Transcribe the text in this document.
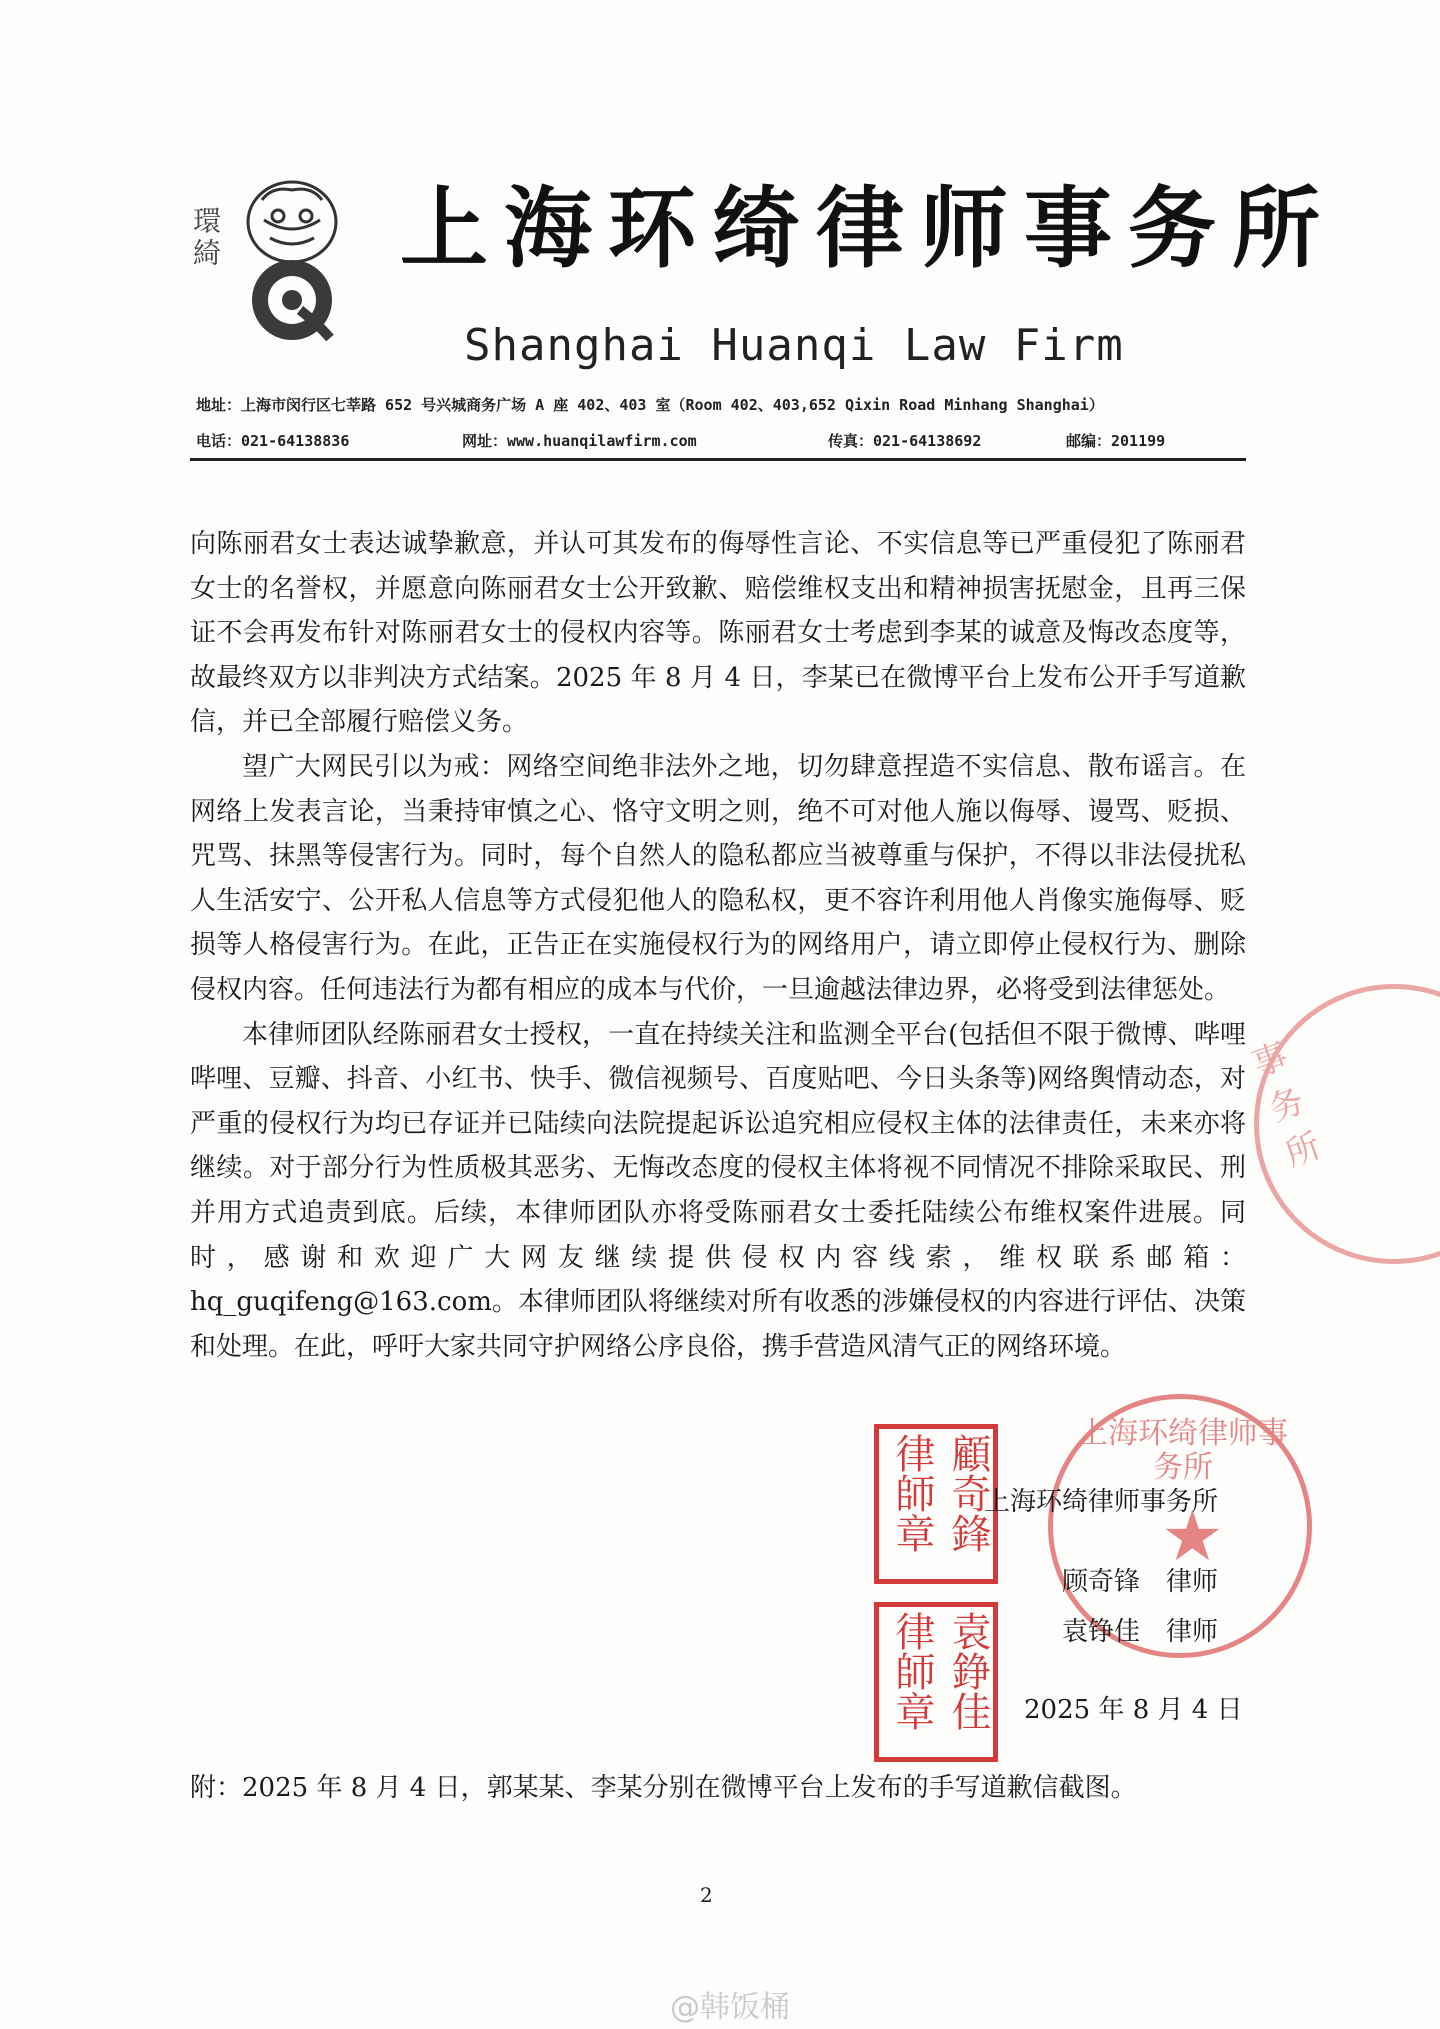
環綺 上海环绮律师事务所
Shanghai Huanqi Law Firm
地址：上海市闵行区七莘路 652 号兴城商务广场 A 座 402、403 室（Room 402、403,652 Qixin Road Minhang Shanghai）
电话：021-64138836	网址：www.huanqilawfirm.com	传真：021-64138692	邮编：201199

向陈丽君女士表达诚挚歉意，并认可其发布的侮辱性言论、不实信息等已严重侵犯了陈丽君女士的名誉权，并愿意向陈丽君女士公开致歉、赔偿维权支出和精神损害抚慰金，且再三保证不会再发布针对陈丽君女士的侵权内容等。陈丽君女士考虑到李某的诚意及悔改态度等，故最终双方以非判决方式结案。2025 年 8 月 4 日，李某已在微博平台上发布公开手写道歉信，并已全部履行赔偿义务。

望广大网民引以为戒：网络空间绝非法外之地，切勿肆意捏造不实信息、散布谣言。在网络上发表言论，当秉持审慎之心、恪守文明之则，绝不可对他人施以侮辱、谩骂、贬损、咒骂、抹黑等侵害行为。同时，每个自然人的隐私都应当被尊重与保护，不得以非法侵扰私人生活安宁、公开私人信息等方式侵犯他人的隐私权，更不容许利用他人肖像实施侮辱、贬损等人格侵害行为。在此，正告正在实施侵权行为的网络用户，请立即停止侵权行为、删除侵权内容。任何违法行为都有相应的成本与代价，一旦逾越法律边界，必将受到法律惩处。

本律师团队经陈丽君女士授权，一直在持续关注和监测全平台(包括但不限于微博、哔哩哔哩、豆瓣、抖音、小红书、快手、微信视频号、百度贴吧、今日头条等)网络舆情动态，对严重的侵权行为均已存证并已陆续向法院提起诉讼追究相应侵权主体的法律责任，未来亦将继续。对于部分行为性质极其恶劣、无悔改态度的侵权主体将视不同情况不排除采取民、刑并用方式追责到底。后续，本律师团队亦将受陈丽君女士委托陆续公布维权案件进展。同时，感谢和欢迎广大网友继续提供侵权内容线索，维权联系邮箱：hq_guqifeng@163.com。本律师团队将继续对所有收悉的涉嫌侵权的内容进行评估、决策和处理。在此，呼吁大家共同守护网络公序良俗，携手营造风清气正的网络环境。

事务所
上海环绮律师事务所
★
顧奇鋒
律師章
袁錚佳
律師章
上海环绮律师事务所
顾奇锋　律师
袁铮佳　律师
2025 年 8 月 4 日
附：2025 年 8 月 4 日，郭某某、李某分别在微博平台上发布的手写道歉信截图。
2
@韩饭桶
